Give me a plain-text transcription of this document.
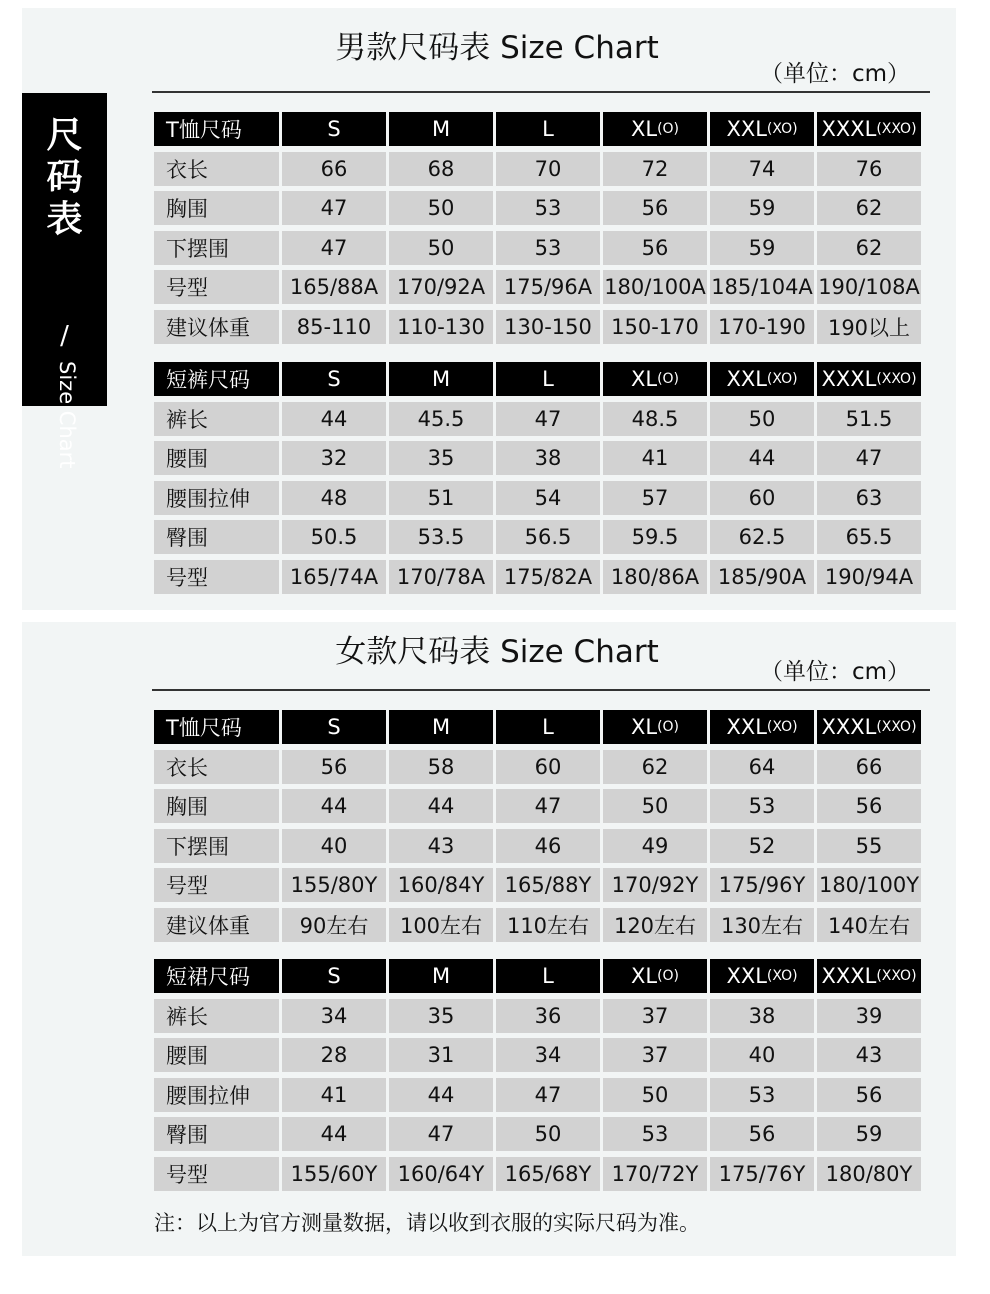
尺码表
/
Size Chart
男款尺码表 Size Chart
（单位：cm）
T恤尺码	S	M	L	XL (O) XXL (XO) XXXL (XXO)
衣长	66	68	70	72	74	76
胸围	47	50	53	56	59	62
下摆围	47	50	53	56	59	62
号型	165/88A 170/92A 175/96A 180/100A 185/104A 190/108A
建议体重	85-110	110-130 130-150 150-170 170-190	190以上
短裤尺码	S	M	L	XL (O) XXL (XO) XXXL (XXO)
裤长	44	45.5	47	48.5	50	51.5
腰围	32	35	38	41	44	47
腰围拉伸	48	51	54	57	60	63
臀围	50.5	53.5	56.5	59.5	62.5	65.5
号型	165/74A 170/78A 175/82A 180/86A 185/90A 190/94A
女款尺码表 Size Chart
（单位：cm）
T恤尺码	S	M	L	XL (O) XXL (XO) XXXL (XXO)
衣长	56	58	60	62	64	66
胸围	44	44	47	50	53	56
下摆围	40	43	46	49	52	55
号型	155/80Y 160/84Y 165/88Y 170/92Y 175/96Y 180/100Y
建议体重	90左右	100左右	110左右	120左右	130左右	140左右
短裙尺码	S	M	L	XL (O) XXL (XO) XXXL (XXO)
裤长	34	35	36	37	38	39
腰围	28	31	34	37	40	43
腰围拉伸	41	44	47	50	53	56
臀围	44	47	50	53	56	59
号型	155/60Y 160/64Y 165/68Y 170/72Y 175/76Y 180/80Y
注：以上为官方测量数据，请以收到衣服的实际尺码为准。
